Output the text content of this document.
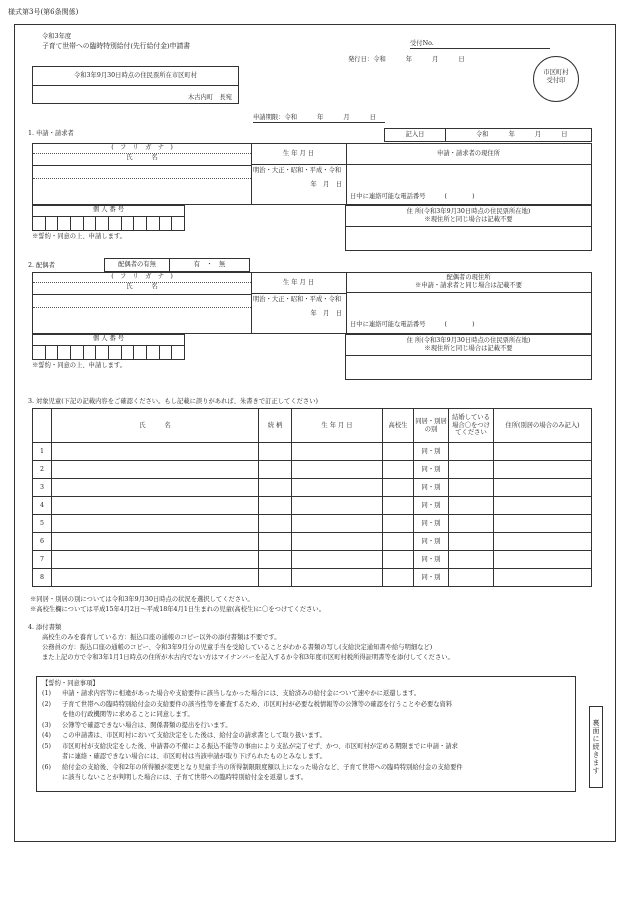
様式第3号(第6条関係)
令和3年度
子育て世帯への臨時特別給付(先行給付金)申請書	受付No.
発行日：令和	年	月	日
令和3年9月30日時点の住民票所在市区町村
木古内町　長宛
市区町村
受付印
申請期限：令和	年	月	日
1. 申請・請求者	記入日	令和	年	月	日
(　フ　リ　ガ　ナ　)
氏　　　名
生 年 月 日
明治・大正・昭和・平成・令和
年　月　日
申請・請求者の現住所
日中に連絡可能な電話番号　　　	(　　　　)
個 人 番 号
※誓約・同意の上、申請します。
住 所(令和3年9月30日時点の住民票所在地)
※現住所と同じ場合は記載不要
2. 配偶者	配偶者の有無	有　・　無
(　フ　リ　ガ　ナ　)
氏　　　名
生 年 月 日
明治・大正・昭和・平成・令和
年　月　日
配偶者の現住所
※申請・請求者と同じ場合は記載不要
日中に連絡可能な電話番号　　　	(　　　　)
個 人 番 号
※誓約・同意の上、申請します。
住 所(令和3年9月30日時点の住民票所在地)
※現住所と同じ場合は記載不要
3. 対象児童(下記の記載内容をご確認ください。もし記載に誤りがあれば、朱書きで訂正してください)
	氏　　　名	続 柄	生 年 月 日	高校生	同居・別居の別	結婚している場合〇をつけてください	住所(別居の場合のみ記入)
1					同・別		
2					同・別		
3					同・別		
4					同・別		
5					同・別		
6					同・別		
7					同・別		
8					同・別		
※同居・別居の別については令和3年9月30日時点の状況を選択してください。
※高校生欄については平成15年4月2日～平成18年4月1日生まれの児童(高校生)に〇をつけてください。
4. 添付書類
高校生のみを養育している方：振込口座の通帳のコピー以外の添付書類は不要です。
公務員の方：振込口座の通帳のコピー、令和3年9月分の児童手当を受給していることがわかる書類の写し(支給決定通知書や給与明細など)
また上記の方で令和3年1月1日時点の住所が木古内でない方はマイナンバーを記入するか令和3年度市区町村税所得証明書等を添付してください。
【誓約・同意事項】
(1)	申請・請求内容等に相違があった場合や支給要件に該当しなかった場合には、支給済みの給付金について速やかに返還します。
(2)	子育て世帯への臨時特別給付金の支給要件の該当性等を審査するため、市区町村が必要な税情報等の公簿等の確認を行うことや必要な資料
を他の行政機関等に求めることに同意します。
(3)	公簿等で確認できない場合は、関係書類の提出を行います。
(4)	この申請書は、市区町村において支給決定をした後は、給付金の請求書として取り扱います。
(5)	市区町村が支給決定をした後、申請書の不備による振込不能等の事由により支払が完了せず、かつ、市区町村が定める期限までに申請・請求
者に連絡・確認できない場合には、市区町村は当該申請が取り下げられたものとみなします。
(6)	給付金の支給後、令和2年の所得額が変更となり児童手当の所得制限限度額以上になった場合など、子育て世帯への臨時特別給付金の支給要件
に該当しないことが判明した場合には、子育て世帯への臨時特別給付金を返還します。
裏面に続きます
